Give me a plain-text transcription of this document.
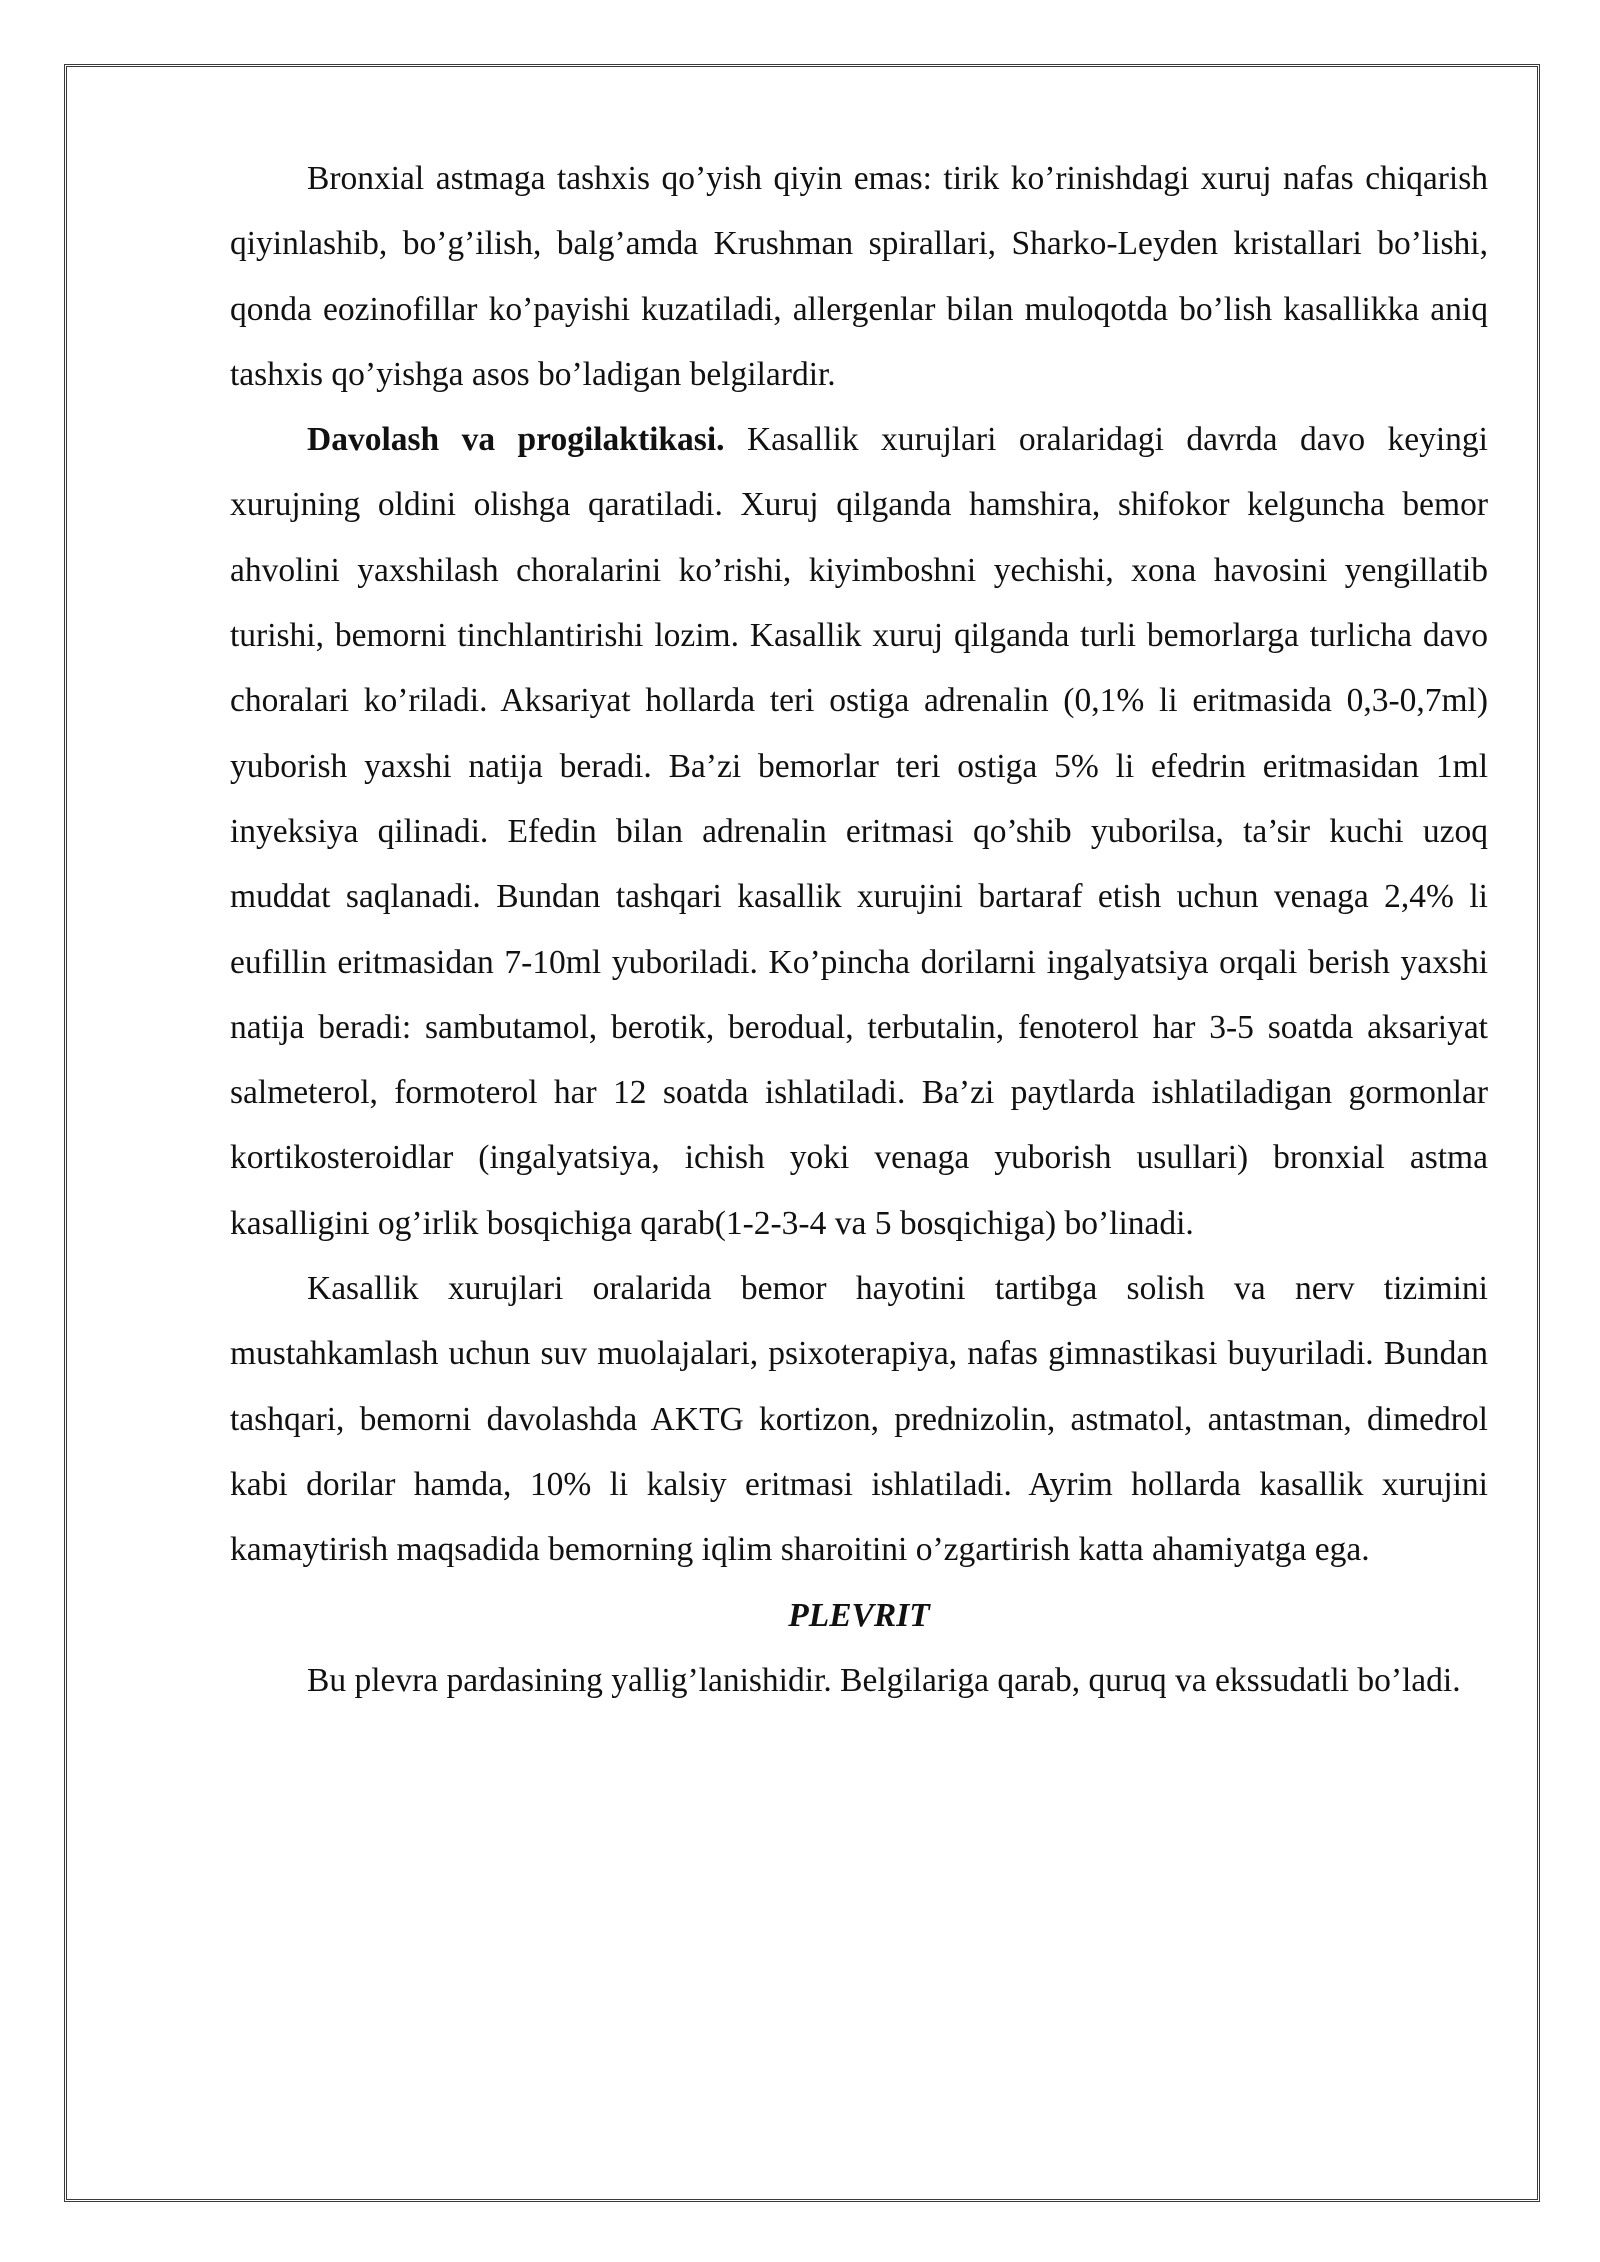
Bronxial astmaga tashxis qo’yish qiyin emas: tirik ko’rinishdagi xuruj nafas chiqarish qiyinlashib, bo’g’ilish, balg’amda Krushman spirallari, Sharko-Leyden kristallari bo’lishi, qonda eozinofillar ko’payishi kuzatiladi, allergenlar bilan muloqotda bo’lish kasallikka aniq tashxis qo’yishga asos bo’ladigan belgilardir.

Davolash va progilaktikasi. Kasallik xurujlari oralaridagi davrda davo keyingi xurujning oldini olishga qaratiladi. Xuruj qilganda hamshira, shifokor kelguncha bemor ahvolini yaxshilash choralarini ko’rishi, kiyimboshni yechishi, xona havosini yengillatib turishi, bemorni tinchlantirishi lozim. Kasallik xuruj qilganda turli bemorlarga turlicha davo choralari ko’riladi. Aksariyat hollarda teri ostiga adrenalin (0,1% li eritmasida 0,3-0,7ml) yuborish yaxshi natija beradi. Ba’zi bemorlar teri ostiga 5% li efedrin eritmasidan 1ml inyeksiya qilinadi. Efedin bilan adrenalin eritmasi qo’shib yuborilsa, ta’sir kuchi uzoq muddat saqlanadi. Bundan tashqari kasallik xurujini bartaraf etish uchun venaga 2,4% li eufillin eritmasidan 7-10ml yuboriladi. Ko’pincha dorilarni ingalyatsiya orqali berish yaxshi natija beradi: sambutamol, berotik, berodual, terbutalin, fenoterol har 3-5 soatda aksariyat salmeterol, formoterol har 12 soatda ishlatiladi. Ba’zi paytlarda ishlatiladigan gormonlar kortikosteroidlar (ingalyatsiya, ichish yoki venaga yuborish usullari) bronxial astma kasalligini og’irlik bosqichiga qarab(1-2-3-4 va 5 bosqichiga) bo’linadi.

Kasallik xurujlari oralarida bemor hayotini tartibga solish va nerv tizimini mustahkamlash uchun suv muolajalari, psixoterapiya, nafas gimnastikasi buyuriladi. Bundan tashqari, bemorni davolashda AKTG kortizon, prednizolin, astmatol, antastman, dimedrol kabi dorilar hamda, 10% li kalsiy eritmasi ishlatiladi. Ayrim hollarda kasallik xurujini kamaytirish maqsadida bemorning iqlim sharoitini o’zgartirish katta ahamiyatga ega.

PLEVRIT

Bu plevra pardasining yallig’lanishidir. Belgilariga qarab, quruq va ekssudatli bo’ladi.
